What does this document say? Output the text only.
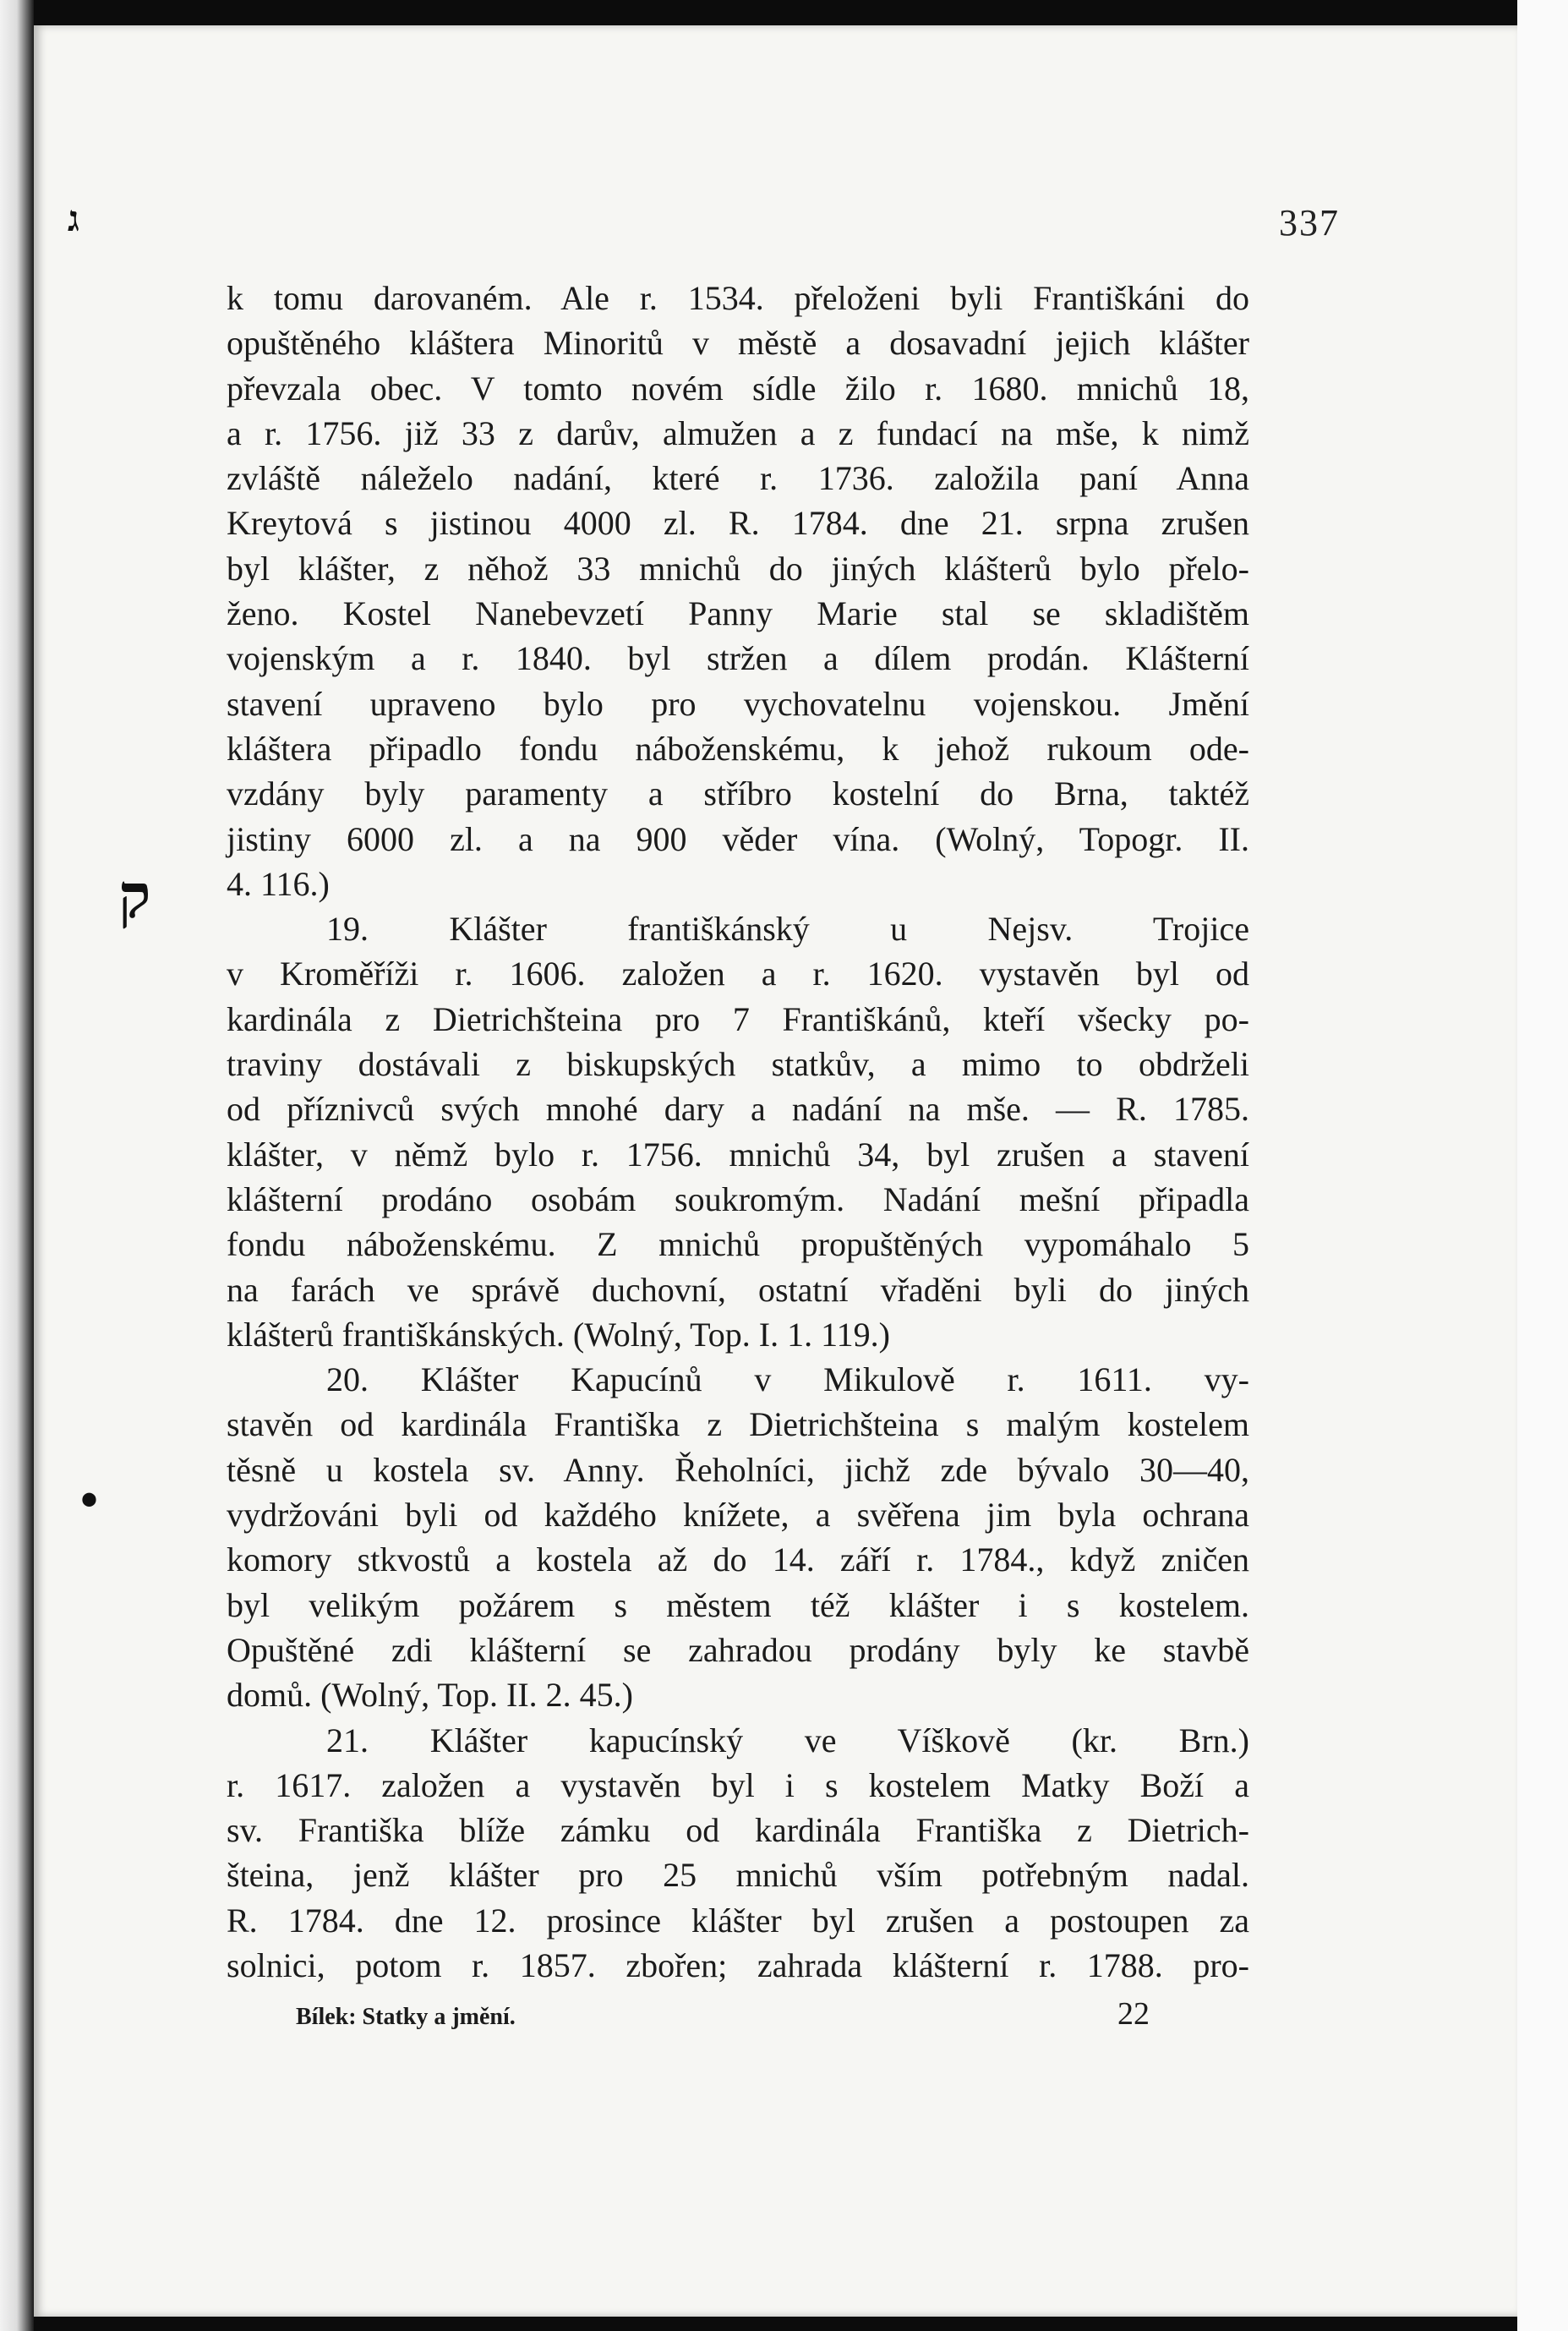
ג	337
ק
•
k tomu darovaném. Ale r. 1534. přeloženi byli Františkáni do
opuštěného kláštera Minoritů v městě a dosavadní jejich klášter
převzala obec. V tomto novém sídle žilo r. 1680. mnichů 18,
a r. 1756. již 33 z darův, almužen a z fundací na mše, k nimž
zvláště náleželo nadání, které r. 1736. založila paní Anna
Kreytová s jistinou 4000 zl. R. 1784. dne 21. srpna zrušen
byl klášter, z něhož 33 mnichů do jiných klášterů bylo přelo-
ženo. Kostel Nanebevzetí Panny Marie stal se skladištěm
vojenským a r. 1840. byl stržen a dílem prodán. Klášterní
stavení upraveno bylo pro vychovatelnu vojenskou. Jmění
kláštera připadlo fondu náboženskému, k jehož rukoum ode-
vzdány byly paramenty a stříbro kostelní do Brna, taktéž
jistiny 6000 zl. a na 900 věder vína. (Wolný, Topogr. II.
4. 116.)
19. Klášter františkánský u Nejsv. Trojice
v Kroměříži r. 1606. založen a r. 1620. vystavěn byl od
kardinála z Dietrichšteina pro 7 Františkánů, kteří všecky po-
traviny dostávali z biskupských statkův, a mimo to obdrželi
od příznivců svých mnohé dary a nadání na mše. — R. 1785.
klášter, v němž bylo r. 1756. mnichů 34, byl zrušen a stavení
klášterní prodáno osobám soukromým. Nadání mešní připadla
fondu náboženskému. Z mnichů propuštěných vypomáhalo 5
na farách ve správě duchovní, ostatní vřaděni byli do jiných
klášterů františkánských. (Wolný, Top. I. 1. 119.)
20. Klášter Kapucínů v Mikulově r. 1611. vy-
stavěn od kardinála Františka z Dietrichšteina s malým kostelem
těsně u kostela sv. Anny. Řeholníci, jichž zde bývalo 30—40,
vydržováni byli od každého knížete, a svěřena jim byla ochrana
komory stkvostů a kostela až do 14. září r. 1784., když zničen
byl velikým požárem s městem též klášter i s kostelem.
Opuštěné zdi klášterní se zahradou prodány byly ke stavbě
domů. (Wolný, Top. II. 2. 45.)
21. Klášter kapucínský ve Víškově (kr. Brn.)
r. 1617. založen a vystavěn byl i s kostelem Matky Boží a
sv. Františka blíže zámku od kardinála Františka z Dietrich-
šteina, jenž klášter pro 25 mnichů vším potřebným nadal.
R. 1784. dne 12. prosince klášter byl zrušen a postoupen za
solnici, potom r. 1857. zbořen; zahrada klášterní r. 1788. pro-
Bílek: Statky a jmění.	22
